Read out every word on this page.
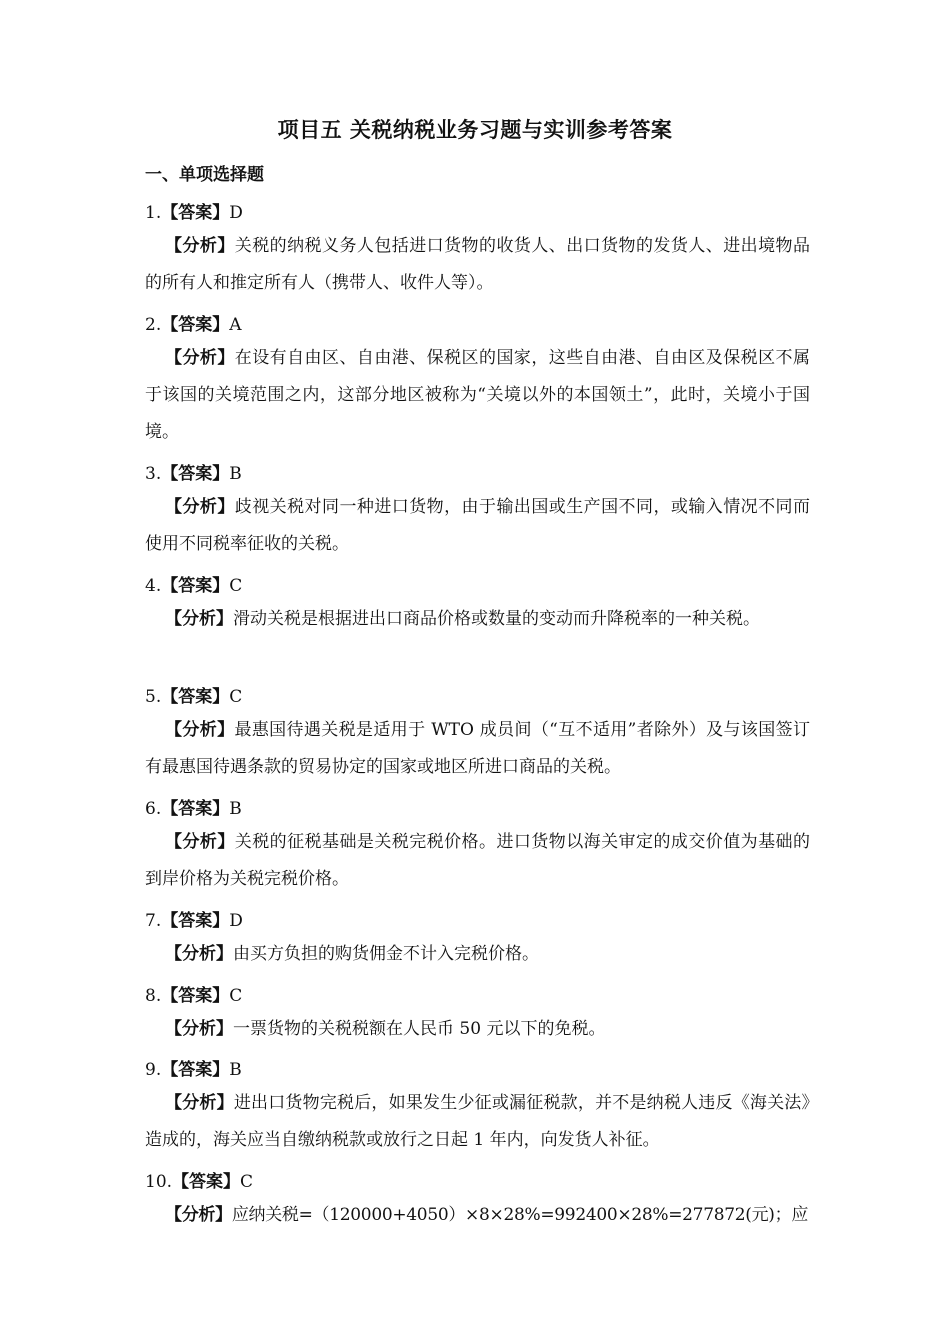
项目五 关税纳税业务习题与实训参考答案
一、单项选择题
1.【答案】D
【分析】关税的纳税义务人包括进口货物的收货人、出口货物的发货人、进出境物品的所有人和推定所有人（携带人、收件人等）。
2.【答案】A
【分析】在设有自由区、自由港、保税区的国家，这些自由港、自由区及保税区不属于该国的关境范围之内，这部分地区被称为“关境以外的本国领土”，此时，关境小于国境。
3.【答案】B
【分析】歧视关税对同一种进口货物，由于输出国或生产国不同，或输入情况不同而使用不同税率征收的关税。
4.【答案】C
【分析】滑动关税是根据进出口商品价格或数量的变动而升降税率的一种关税。
5.【答案】C
【分析】最惠国待遇关税是适用于 WTO 成员间（“互不适用”者除外）及与该国签订有最惠国待遇条款的贸易协定的国家或地区所进口商品的关税。
6.【答案】B
【分析】关税的征税基础是关税完税价格。进口货物以海关审定的成交价值为基础的到岸价格为关税完税价格。
7.【答案】D
【分析】由买方负担的购货佣金不计入完税价格。
8.【答案】C
【分析】一票货物的关税税额在人民币 50 元以下的免税。
9.【答案】B
【分析】进出口货物完税后，如果发生少征或漏征税款，并不是纳税人违反《海关法》造成的，海关应当自缴纳税款或放行之日起 1 年内，向发货人补征。
10.【答案】C
【分析】应纳关税=（120000+4050）×8×28%=992400×28%=277872(元)；应
